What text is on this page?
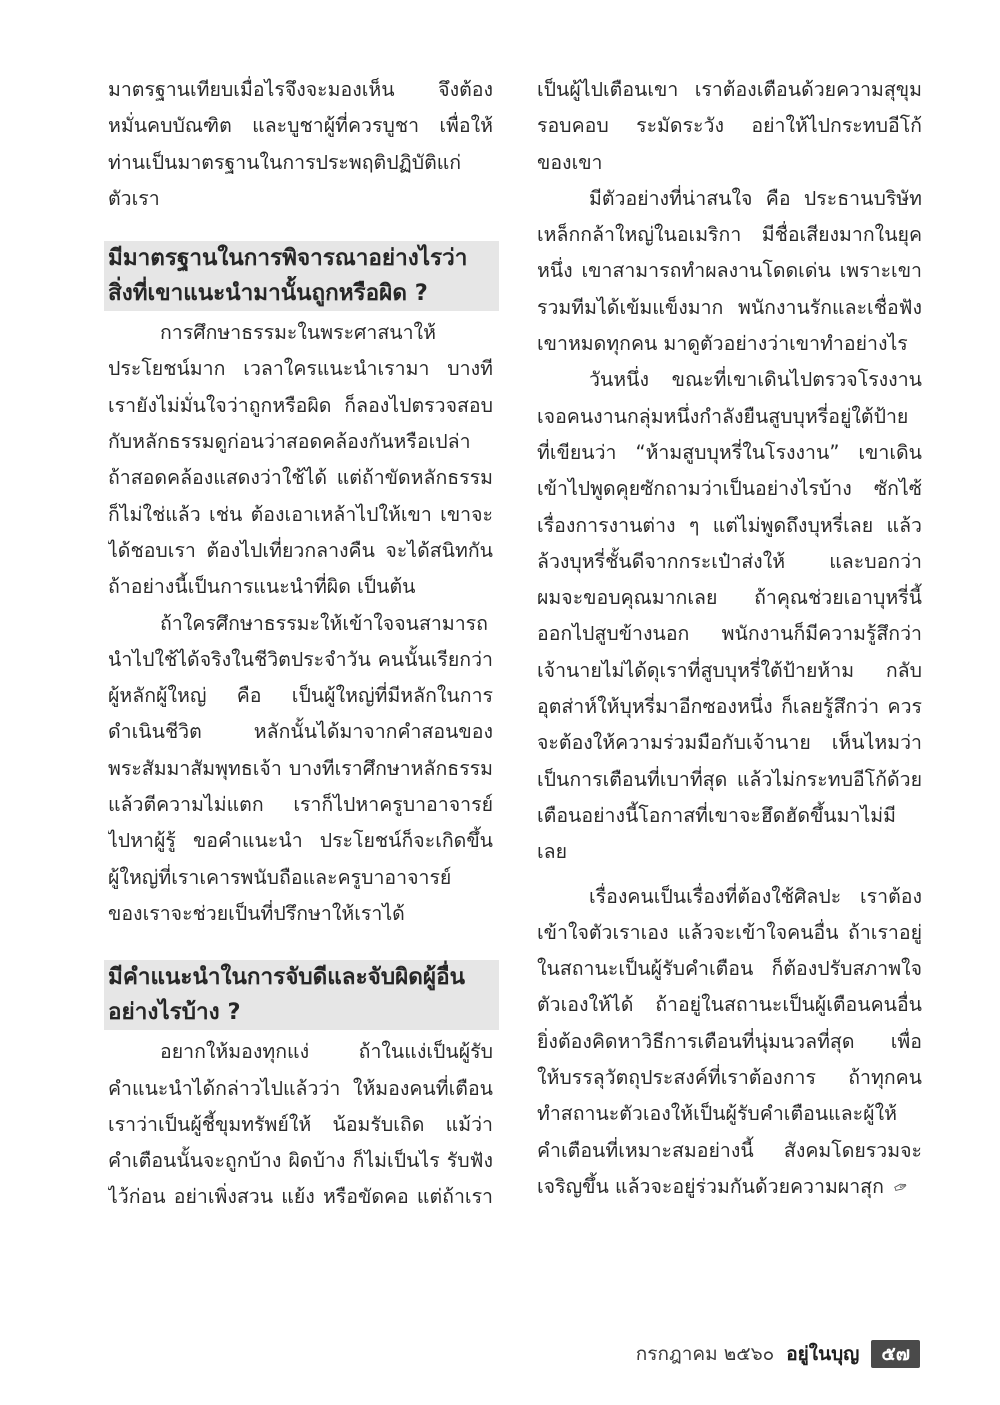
มาตรฐานเทียบเมื่อไรจึงจะมองเห็น จึงต้อง
หมั่นคบบัณฑิต และบูชาผู้ที่ควรบูชา เพื่อให้
ท่านเป็นมาตรฐานในการประพฤติปฏิบัติแก่
ตัวเรา
มีมาตรฐานในการพิจารณาอย่างไรว่า
สิ่งที่เขาแนะนำมานั้นถูกหรือผิด ?
การศึกษาธรรมะในพระศาสนาให้
ประโยชน์มาก เวลาใครแนะนำเรามา บางที
เรายังไม่มั่นใจว่าถูกหรือผิด ก็ลองไปตรวจสอบ
กับหลักธรรมดูก่อนว่าสอดคล้องกันหรือเปล่า
ถ้าสอดคล้องแสดงว่าใช้ได้ แต่ถ้าขัดหลักธรรม
ก็ไม่ใช่แล้ว เช่น ต้องเอาเหล้าไปให้เขา เขาจะ
ได้ชอบเรา ต้องไปเที่ยวกลางคืน จะได้สนิทกัน
ถ้าอย่างนี้เป็นการแนะนำที่ผิด เป็นต้น
ถ้าใครศึกษาธรรมะให้เข้าใจจนสามารถ
นำไปใช้ได้จริงในชีวิตประจำวัน คนนั้นเรียกว่า
ผู้หลักผู้ใหญ่ คือ เป็นผู้ใหญ่ที่มีหลักในการ
ดำเนินชีวิต หลักนั้นได้มาจากคำสอนของ
พระสัมมาสัมพุทธเจ้า บางทีเราศึกษาหลักธรรม
แล้วตีความไม่แตก เราก็ไปหาครูบาอาจารย์
ไปหาผู้รู้ ขอคำแนะนำ ประโยชน์ก็จะเกิดขึ้น
ผู้ใหญ่ที่เราเคารพนับถือและครูบาอาจารย์
ของเราจะช่วยเป็นที่ปรึกษาให้เราได้
มีคำแนะนำในการจับดีและจับผิดผู้อื่น
อย่างไรบ้าง ?
อยากให้มองทุกแง่ ถ้าในแง่เป็นผู้รับ
คำแนะนำได้กล่าวไปแล้วว่า ให้มองคนที่เตือน
เราว่าเป็นผู้ชี้ขุมทรัพย์ให้ น้อมรับเถิด แม้ว่า
คำเตือนนั้นจะถูกบ้าง ผิดบ้าง ก็ไม่เป็นไร รับฟัง
ไว้ก่อน อย่าเพิ่งสวน แย้ง หรือขัดคอ แต่ถ้าเรา
เป็นผู้ไปเตือนเขา เราต้องเตือนด้วยความสุขุม
รอบคอบ ระมัดระวัง อย่าให้ไปกระทบอีโก้
ของเขา
มีตัวอย่างที่น่าสนใจ คือ ประธานบริษัท
เหล็กกล้าใหญ่ในอเมริกา มีชื่อเสียงมากในยุค
หนึ่ง เขาสามารถทำผลงานโดดเด่น เพราะเขา
รวมทีมได้เข้มแข็งมาก พนักงานรักและเชื่อฟัง
เขาหมดทุกคน มาดูตัวอย่างว่าเขาทำอย่างไร
วันหนึ่ง ขณะที่เขาเดินไปตรวจโรงงาน
เจอคนงานกลุ่มหนึ่งกำลังยืนสูบบุหรี่อยู่ใต้ป้าย
ที่เขียนว่า “ห้ามสูบบุหรี่ในโรงงาน” เขาเดิน
เข้าไปพูดคุยซักถามว่าเป็นอย่างไรบ้าง ซักไซ้
เรื่องการงานต่าง ๆ แต่ไม่พูดถึงบุหรี่เลย แล้ว
ล้วงบุหรี่ชั้นดีจากกระเป๋าส่งให้ และบอกว่า
ผมจะขอบคุณมากเลย ถ้าคุณช่วยเอาบุหรี่นี้
ออกไปสูบข้างนอก พนักงานก็มีความรู้สึกว่า
เจ้านายไม่ได้ดุเราที่สูบบุหรี่ใต้ป้ายห้าม กลับ
อุตส่าห์ให้บุหรี่มาอีกซองหนึ่ง ก็เลยรู้สึกว่า ควร
จะต้องให้ความร่วมมือกับเจ้านาย เห็นไหมว่า
เป็นการเตือนที่เบาที่สุด แล้วไม่กระทบอีโก้ด้วย
เตือนอย่างนี้โอกาสที่เขาจะฮึดฮัดขึ้นมาไม่มี
เลย
เรื่องคนเป็นเรื่องที่ต้องใช้ศิลปะ เราต้อง
เข้าใจตัวเราเอง แล้วจะเข้าใจคนอื่น ถ้าเราอยู่
ในสถานะเป็นผู้รับคำเตือน ก็ต้องปรับสภาพใจ
ตัวเองให้ได้ ถ้าอยู่ในสถานะเป็นผู้เตือนคนอื่น
ยิ่งต้องคิดหาวิธีการเตือนที่นุ่มนวลที่สุด เพื่อ
ให้บรรลุวัตถุประสงค์ที่เราต้องการ ถ้าทุกคน
ทำสถานะตัวเองให้เป็นผู้รับคำเตือนและผู้ให้
คำเตือนที่เหมาะสมอย่างนี้ สังคมโดยรวมจะ
เจริญขึ้น แล้วจะอยู่ร่วมกันด้วยความผาสุก ✑
กรกฎาคม ๒๕๖๐ อยู่ในบุญ	๕๗
